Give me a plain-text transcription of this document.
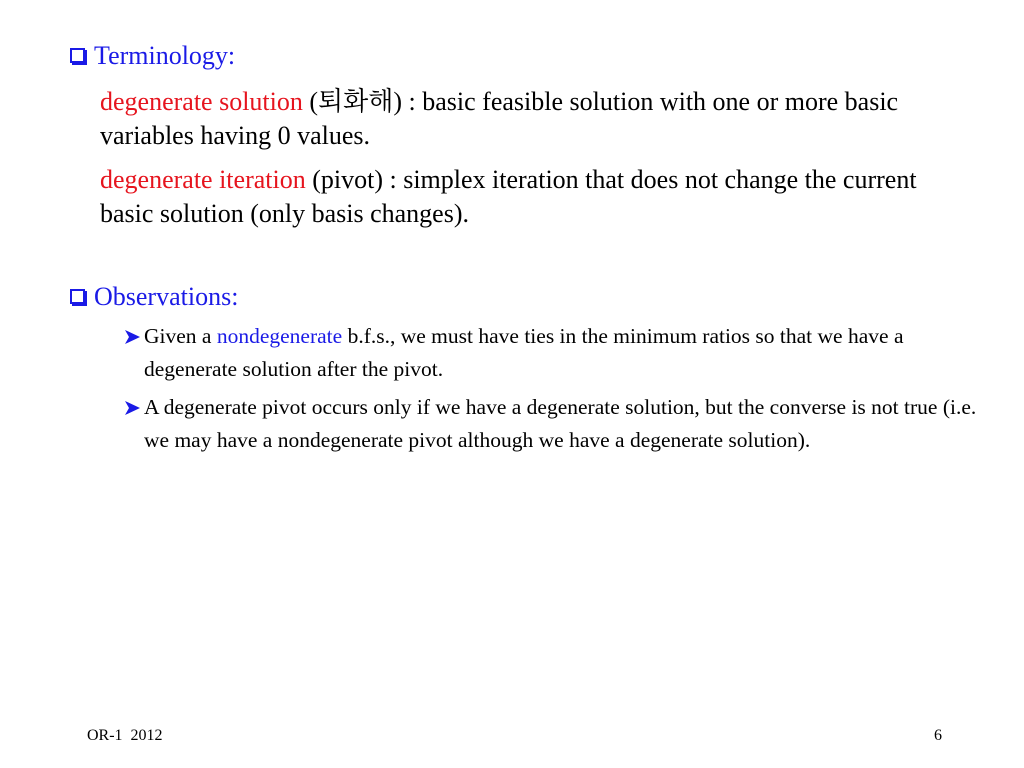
Terminology:
degenerate solution (퇴화해) : basic feasible solution with one or more basic variables having 0 values.
degenerate iteration (pivot) : simplex iteration that does not change the current basic solution (only basis changes).
Observations:
Given a nondegenerate b.f.s., we must have ties in the minimum ratios so that we have a degenerate solution after the pivot.
A degenerate pivot occurs only if we have a degenerate solution, but the converse is not true (i.e. we may have a nondegenerate pivot although we have a degenerate solution).
OR-1  2012	6
